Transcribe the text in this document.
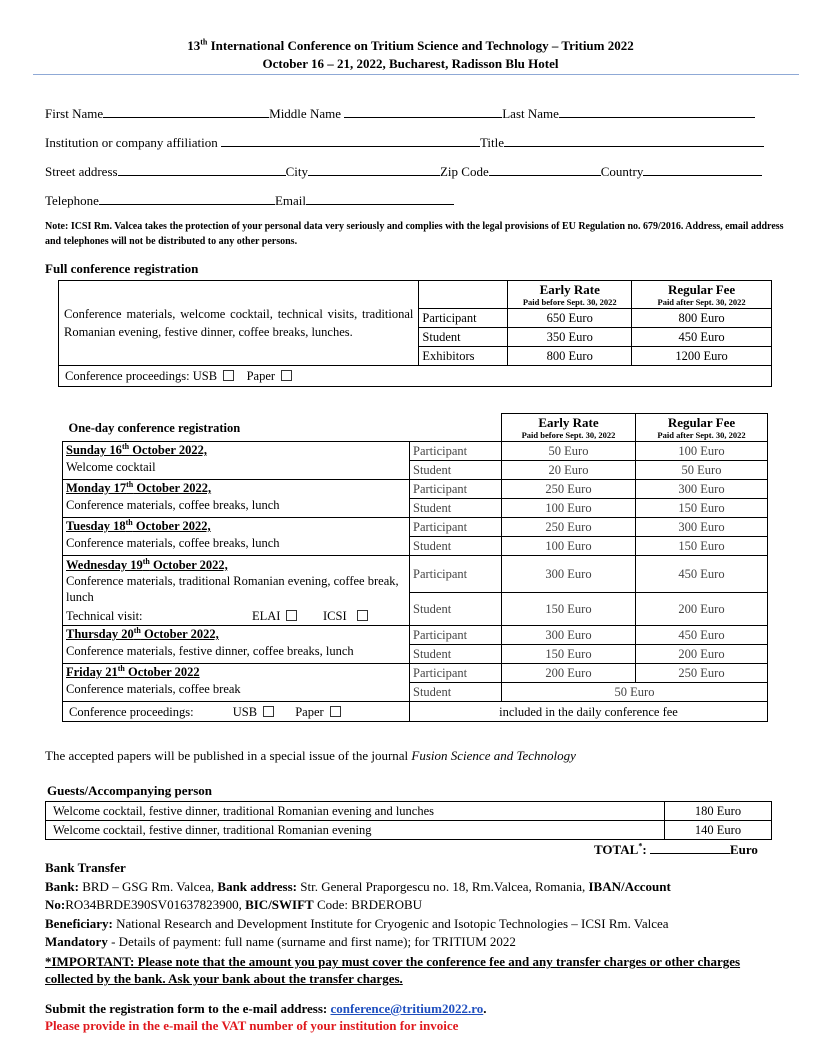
13th International Conference on Tritium Science and Technology – Tritium 2022
October 16 – 21, 2022, Bucharest, Radisson Blu Hotel
First Name	Middle Name	Last Name
Institution or company affiliation	Title
Street address	City	Zip Code	Country
Telephone	Email
Note: ICSI Rm. Valcea takes the protection of your personal data very seriously and complies with the legal provisions of EU Regulation no. 679/2016. Address, email address and telephones will not be distributed to any other persons.
Full conference registration
Conference materials, welcome cocktail, technical visits, traditional Romanian evening, festive dinner, coffee breaks, lunches.		Early Rate
Paid before Sept. 30, 2022	Regular Fee
Paid after Sept. 30, 2022

	Participant	650 Euro	800 Euro
	Student	350 Euro	450 Euro
	Exhibitors	800 Euro	1200 Euro
Conference proceedings: USB Paper			
One-day conference registration		Early Rate
Paid before Sept. 30, 2022	Regular Fee
Paid after Sept. 30, 2022

Sunday 16th October 2022,
Welcome cocktail	Participant	50 Euro	100 Euro
	Student	20 Euro	50 Euro
Monday 17th October 2022,
Conference materials, coffee breaks, lunch	Participant	250 Euro	300 Euro
	Student	100 Euro	150 Euro
Tuesday 18th October 2022,
Conference materials, coffee breaks, lunch	Participant	250 Euro	300 Euro
	Student	100 Euro	150 Euro
Wednesday 19th October 2022,
Conference materials, traditional Romanian evening, coffee break, lunch

Technical visit: ELAI ICSI	Participant	300 Euro	450 Euro
	Student	150 Euro	200 Euro
Thursday 20th October 2022,
Conference materials, festive dinner, coffee breaks, lunch	Participant	300 Euro	450 Euro
	Student	150 Euro	200 Euro
Friday 21th October 2022
Conference materials, coffee break	Participant	200 Euro	250 Euro
	Student	50 Euro	
Conference proceedings: USB Paper	included in the daily conference fee		
The accepted papers will be published in a special issue of the journal Fusion Science and Technology
Guests/Accompanying person
Welcome cocktail, festive dinner, traditional Romanian evening and lunches	180 Euro
Welcome cocktail, festive dinner, traditional Romanian evening	140 Euro
TOTAL*:	Euro
Bank Transfer
Bank: BRD – GSG Rm. Valcea, Bank address: Str. General Praporgescu no. 18, Rm.Valcea, Romania, IBAN/Account No:RO34BRDE390SV01637823900, BIC/SWIFT Code: BRDEROBU
Beneficiary: National Research and Development Institute for Cryogenic and Isotopic Technologies – ICSI Rm. Valcea
Mandatory - Details of payment: full name (surname and first name); for TRITIUM 2022
*IMPORTANT: Please note that the amount you pay must cover the conference fee and any transfer charges or other charges collected by the bank. Ask your bank about the transfer charges.
Submit the registration form to the e-mail address: conference@tritium2022.ro.
Please provide in the e-mail the VAT number of your institution for invoice
